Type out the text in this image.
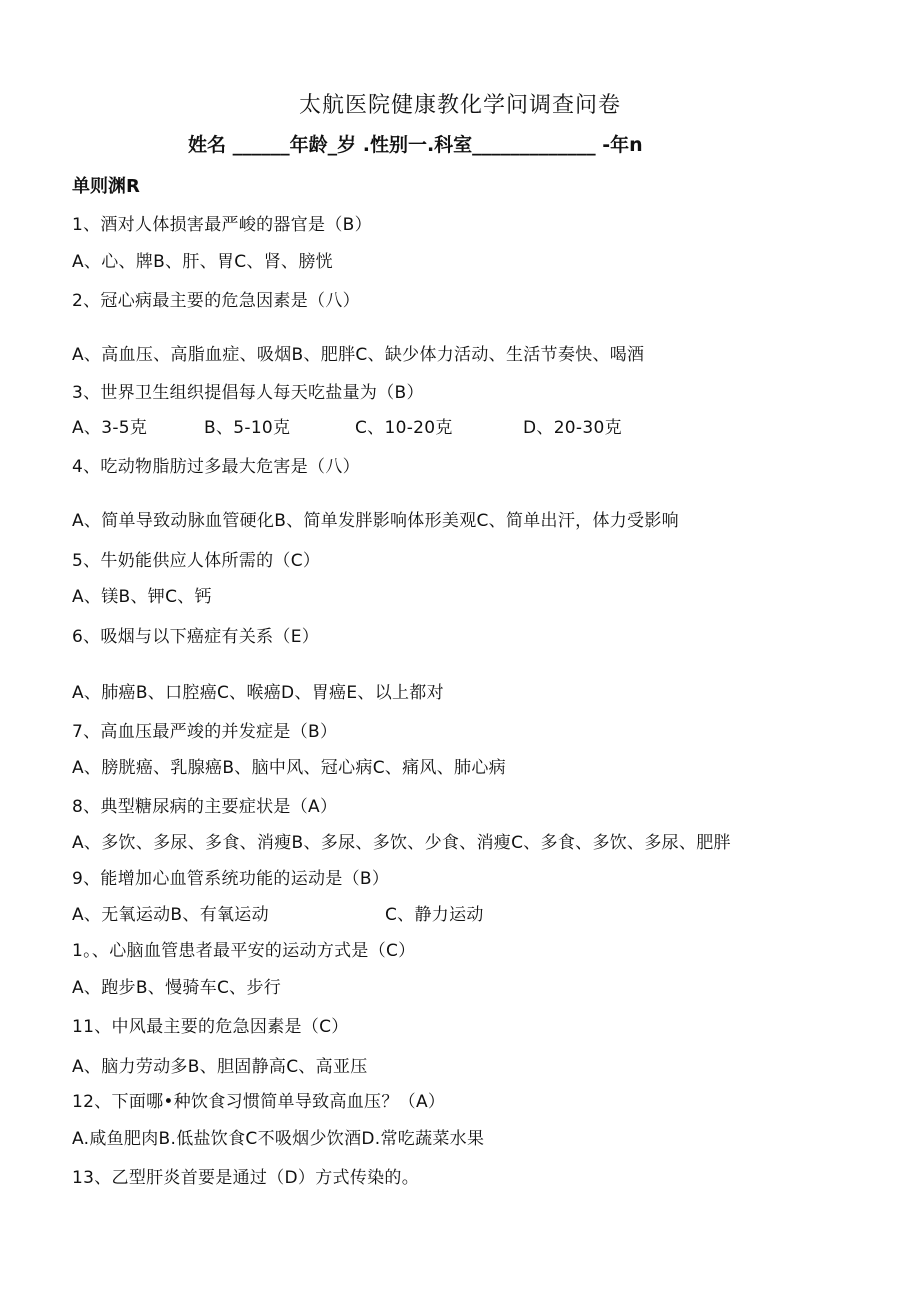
太航医院健康教化学问调查问卷
姓名 ______年龄_岁 .性别一.科室_____________ -年n
单则渊R
1、酒对人体损害最严峻的器官是（B）
A、心、牌B、肝、胃C、肾、膀恍
2、冠心病最主要的危急因素是（八）
A、高血压、高脂血症、吸烟B、肥胖C、缺少体力活动、生活节奏快、喝酒
3、世界卫生组织提倡每人每天吃盐量为（B）
A、3-5克	B、5-10克	C、10-20克	D、20-30克
4、吃动物脂肪过多最大危害是（八）
A、简单导致动脉血管硬化B、简单发胖影响体形美观C、简单出汗，体力受影响
5、牛奶能供应人体所需的（C）
A、镁B、钾C、钙
6、吸烟与以下癌症有关系（E）
A、肺癌B、口腔癌C、喉癌D、胃癌E、以上都对
7、高血压最严竣的并发症是（B）
A、膀胱癌、乳腺癌B、脑中风、冠心病C、痛风、肺心病
8、典型糖尿病的主要症状是（A）
A、多饮、多尿、多食、消瘦B、多尿、多饮、少食、消瘦C、多食、多饮、多尿、肥胖
9、能增加心血管系统功能的运动是（B）
A、无氧运动B、有氧运动	C、静力运动
1。、心脑血管患者最平安的运动方式是（C）
A、跑步B、慢骑车C、步行
11、中风最主要的危急因素是（C）
A、脑力劳动多B、胆固静高C、高亚压
12、下面哪•种饮食习惯简单导致高血压？（A）
A.咸鱼肥肉B.低盐饮食C不吸烟少饮酒D.常吃蔬菜水果
13、乙型肝炎首要是通过（D）方式传染的。
